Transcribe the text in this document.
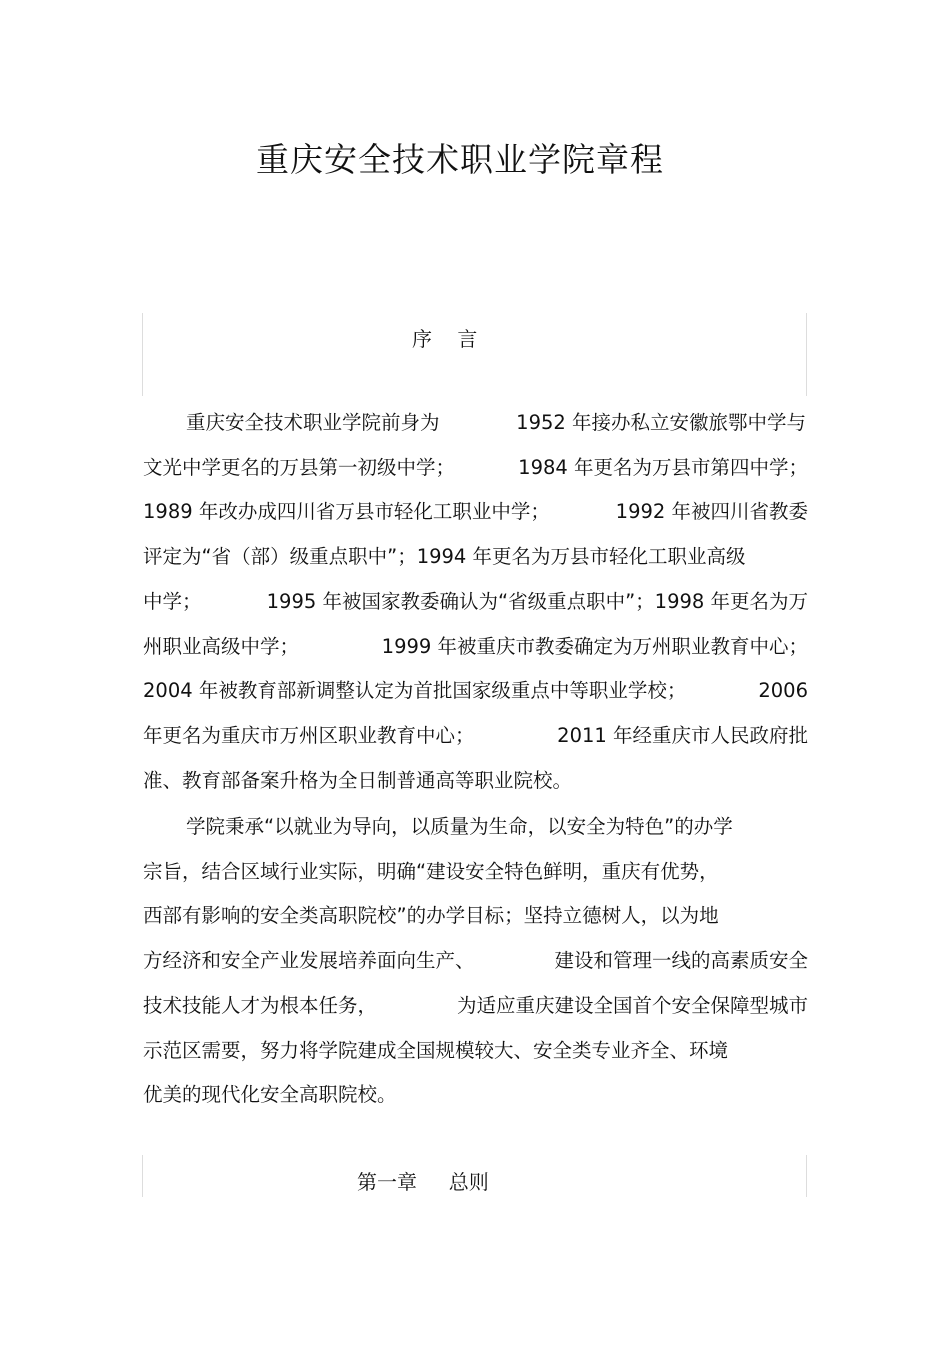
重庆安全技术职业学院章程
序    言
重庆安全技术职业学院前身为	1952 年接办私立安徽旅鄂中学与
文光中学更名的万县第一初级中学；	1984 年更名为万县市第四中学；
1989 年改办成四川省万县市轻化工职业中学；	1992 年被四川省教委
评定为“省（部）级重点职中”；1994 年更名为万县市轻化工职业高级
中学；	1995 年被国家教委确认为“省级重点职中”；1998 年更名为万
州职业高级中学；	1999 年被重庆市教委确定为万州职业教育中心；
2004 年被教育部新调整认定为首批国家级重点中等职业学校；	2006
年更名为重庆市万州区职业教育中心；	2011 年经重庆市人民政府批
准、教育部备案升格为全日制普通高等职业院校。
学院秉承“以就业为导向，以质量为生命，以安全为特色”的办学
宗旨，结合区域行业实际，明确“建设安全特色鲜明，重庆有优势，
西部有影响的安全类高职院校”的办学目标；坚持立德树人，以为地
方经济和安全产业发展培养面向生产、	建设和管理一线的高素质安全
技术技能人才为根本任务，	为适应重庆建设全国首个安全保障型城市
示范区需要，努力将学院建成全国规模较大、安全类专业齐全、环境
优美的现代化安全高职院校。
第一章     总则
